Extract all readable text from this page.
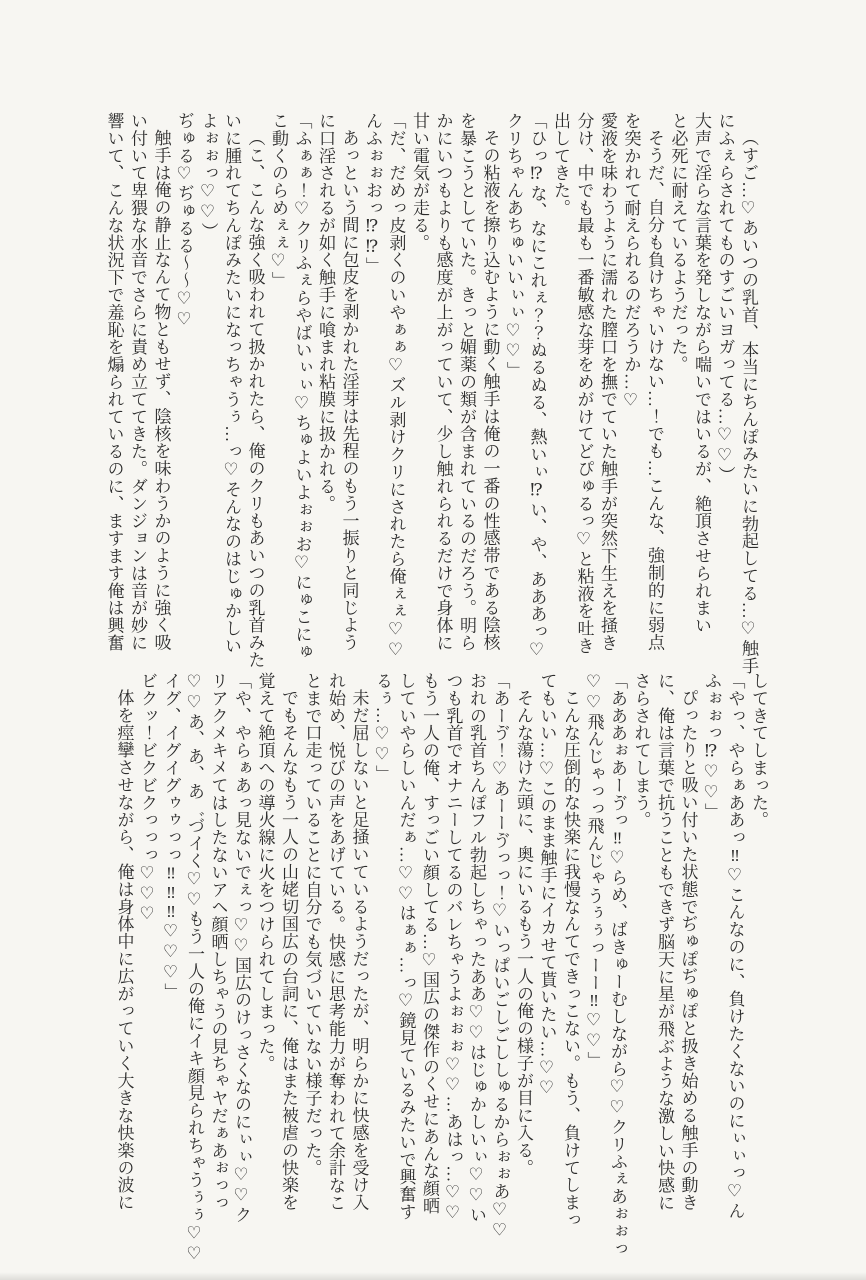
（すご…♡あいつの乳首、本当にちんぽみたいに勃起してる…♡触手

にふぇらされてものすごいヨガってる…♡♡）

大声で淫らな言葉を発しながら喘いではいるが、絶頂させられまい

と必死に耐えているようだった。

そうだ、自分も負けちゃいけない…！でも…こんな、強制的に弱点

を突かれて耐えられるのだろうか…♡

愛液を味わうように濡れた膣口を撫でていた触手が突然下生えを掻き

分け、中でも最も一番敏感な芽をめがけてどぴゅるっ♡と粘液を吐き

出してきた。

「ひっ⁉な、なにこれぇ？？ぬるぬる、熱いぃ⁉い、や、あああっ♡

クリちゃんあちゅいいぃぃ♡♡」

その粘液を擦り込むように動く触手は俺の一番の性感帯である陰核

を暴こうとしていた。きっと媚薬の類が含まれているのだろう。明ら

かにいつもよりも感度が上がっていて、少し触れられるだけで身体に

甘い電気が走る。

「だ、だめっ皮剥くのいやぁぁ♡ズル剥けクリにされたら俺ぇぇ♡♡

んふぉぉおっ⁉⁉」

あっという間に包皮を剥かれた淫芽は先程のもう一振りと同じよう

に口淫されるが如く触手に喰まれ粘膜に扱かれる。

「ふぁぁ！♡クリふぇらやばいぃぃ♡ちゅよいよぉぉお♡にゅこにゅ

こ動くのらめぇぇ♡」

（こ、こんな強く吸われて扱かれたら、俺のクリもあいつの乳首みた

いに腫れてちんぽみたいになっちゃうぅ…っ♡そんなのはじゅかしい

よぉぉっ♡♡）

ぢゅる♡ぢゅるる〜〜♡♡

触手は俺の静止なんて物ともせず、陰核を味わうかのように強く吸

い付いて卑猥な水音でさらに責め立ててきた。ダンジョンは音が妙に

響いて、こんな状況下で羞恥を煽られているのに、ますます俺は興奮

してきてしまった。

「やっ、やらぁああっ‼♡こんなのに、負けたくないのにぃぃっ♡ん

ふぉぉっ⁉♡♡」

ぴったりと吸い付いた状態でぢゅぽぢゅぽと扱き始める触手の動き

に、俺は言葉で抗うこともできず脳天に星が飛ぶような激しい快感に

さらされてしまう。

「あああぉあーゔっ‼♡らめ、ばきゅーむしながら♡♡クリふぇあぉぉっ

♡♡飛んじゃっっ飛んじゃうぅぅっーー‼♡♡」

こんな圧倒的な快楽に我慢なんてできっこない。もう、負けてしまっ

てもいい…♡このまま触手にイカせて貰いたい…♡♡

そんな蕩けた頭に、奥にいるもう一人の俺の様子が目に入る。

「あーゔ！♡あーーゔっっ！♡いっぱいごしごししゅるからぉぉあ♡♡

おれの乳首ちんぽフル勃起しちゃったああ♡♡はじゅかしいぃ♡♡い

つも乳首でオナニーしてるのバレちゃうよぉぉぉ♡♡…あはっ…♡♡

もう一人の俺、すっごい顔してる…♡国広の傑作のくせにあんな顔晒

していやらしいんだぁ…♡♡はぁぁ…っ♡鏡見ているみたいで興奮す

るぅ…♡♡」

未だ屈しないと足掻いているようだったが、明らかに快感を受け入

れ始め、悦びの声をあげている。快感に思考能力が奪われて余計なこ

とまで口走っていることに自分でも気づいていない様子だった。

でもそんなもう一人の山姥切国広の台詞に、俺はまた被虐の快楽を

覚えて絶頂への導火線に火をつけられてしまった。

「や、やらぁあっ見ないでぇっ♡♡国広のけっさくなのにぃぃ♡♡ク

リアクメキメてはしたないアヘ顔晒しちゃうの見ちゃヤだぁあぉっっ

♡♡あ、あ、あ゛づイく♡♡もう一人の俺にイキ顔見られちゃうぅぅ♡♡

イグ、イグイグゥゥっっ‼‼‼♡♡♡」

ビクッ！ビクビクっっっ♡♡♡

体を痙攣させながら、俺は身体中に広がっていく大きな快楽の波に
